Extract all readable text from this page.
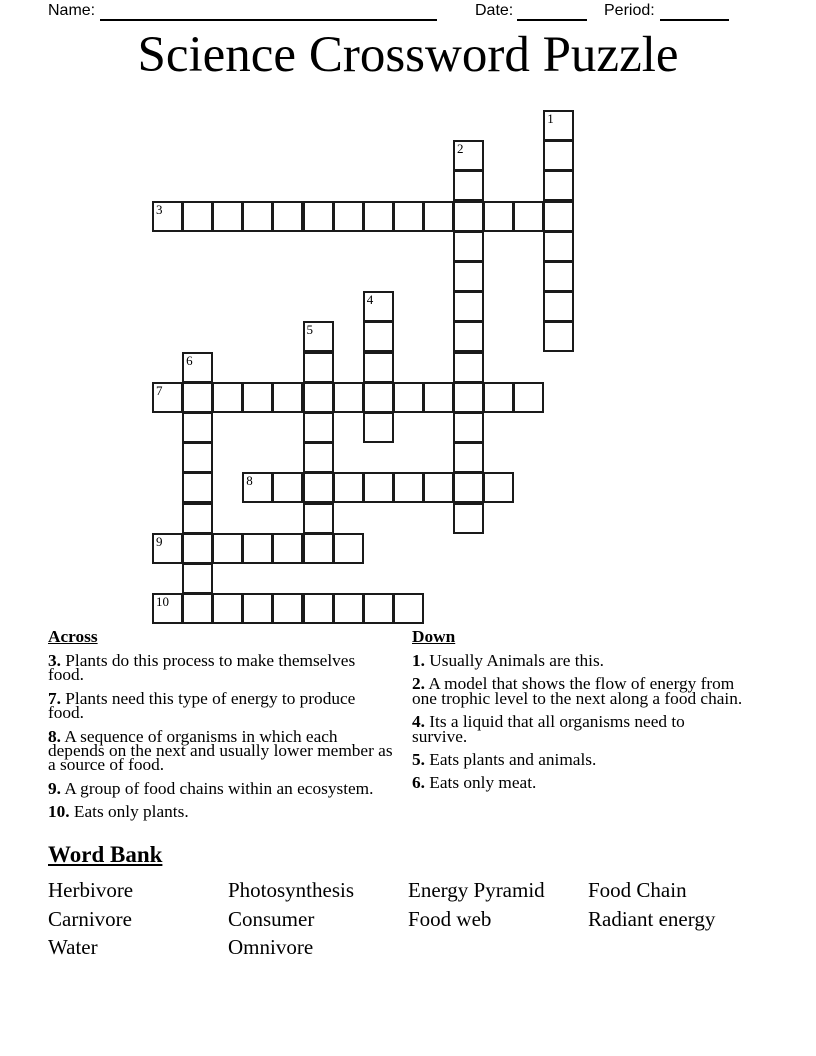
Name:	Date:	Period:
Science Crossword Puzzle
1
2
3
4
5
6
7
8
9
10
Across

3. Plants do this process to make themselves food.

7. Plants need this type of energy to produce food.

8. A sequence of organisms in which each depends on the next and usually lower member as a source of food.

9. A group of food chains within an ecosystem.

10. Eats only plants.

Down

1. Usually Animals are this.

2. A model that shows the flow of energy from one trophic level to the next along a food chain.

4. Its a liquid that all organisms need to survive.

5. Eats plants and animals.

6. Eats only meat.

Word Bank
Herbivore	Photosynthesis	Energy Pyramid	Food Chain
Carnivore	Consumer	Food web	Radiant energy
Water	Omnivore
